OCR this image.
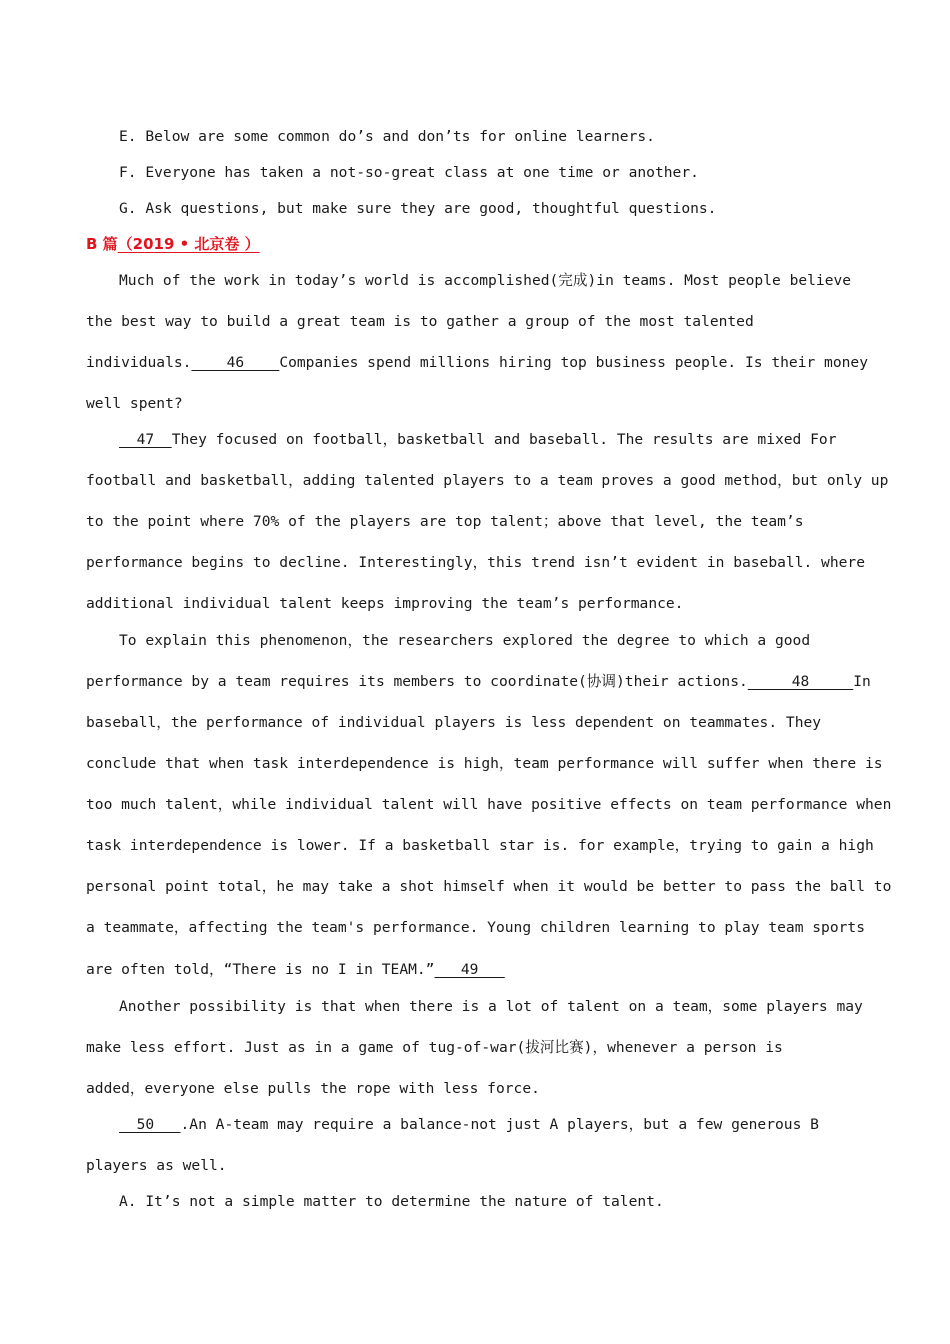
E. Below are some common do’s and don’ts for online learners.
F. Everyone has taken a not-so-great class at one time or another.
G. Ask questions, but make sure they are good, thoughtful questions.
B 篇（2019 • 北京卷 ）
Much of the work in today’s world is accomplished(完成)in teams. Most people believe
the best way to build a great team is to gather a group of the most talented
individuals.    46    Companies spend millions hiring top business people. Is their money
well spent?
47  They focused on football，basketball and baseball. The results are mixed For
football and basketball，adding talented players to a team proves a good method，but only up
to the point where 70% of the players are top talent；above that level, the team’s
performance begins to decline. Interestingly，this trend isn’t evident in baseball. where
additional individual talent keeps improving the team’s performance.
To explain this phenomenon，the researchers explored the degree to which a good
performance by a team requires its members to coordinate(协调)their actions.     48     In
baseball，the performance of individual players is less dependent on teammates. They
conclude that when task interdependence is high，team performance will suffer when there is
too much talent，while individual talent will have positive effects on team performance when
task interdependence is lower. If a basketball star is. for example，trying to gain a high
personal point total，he may take a shot himself when it would be better to pass the ball to
a teammate，affecting the team's performance. Young children learning to play team sports
are often told，“There is no I in TEAM.”   49
Another possibility is that when there is a lot of talent on a team，some players may
make less effort. Just as in a game of tug-of-war(拔河比赛)，whenever a person is
added，everyone else pulls the rope with less force.
50   .An A-team may require a balance-not just A players，but a few generous B
players as well.
A. It’s not a simple matter to determine the nature of talent.
